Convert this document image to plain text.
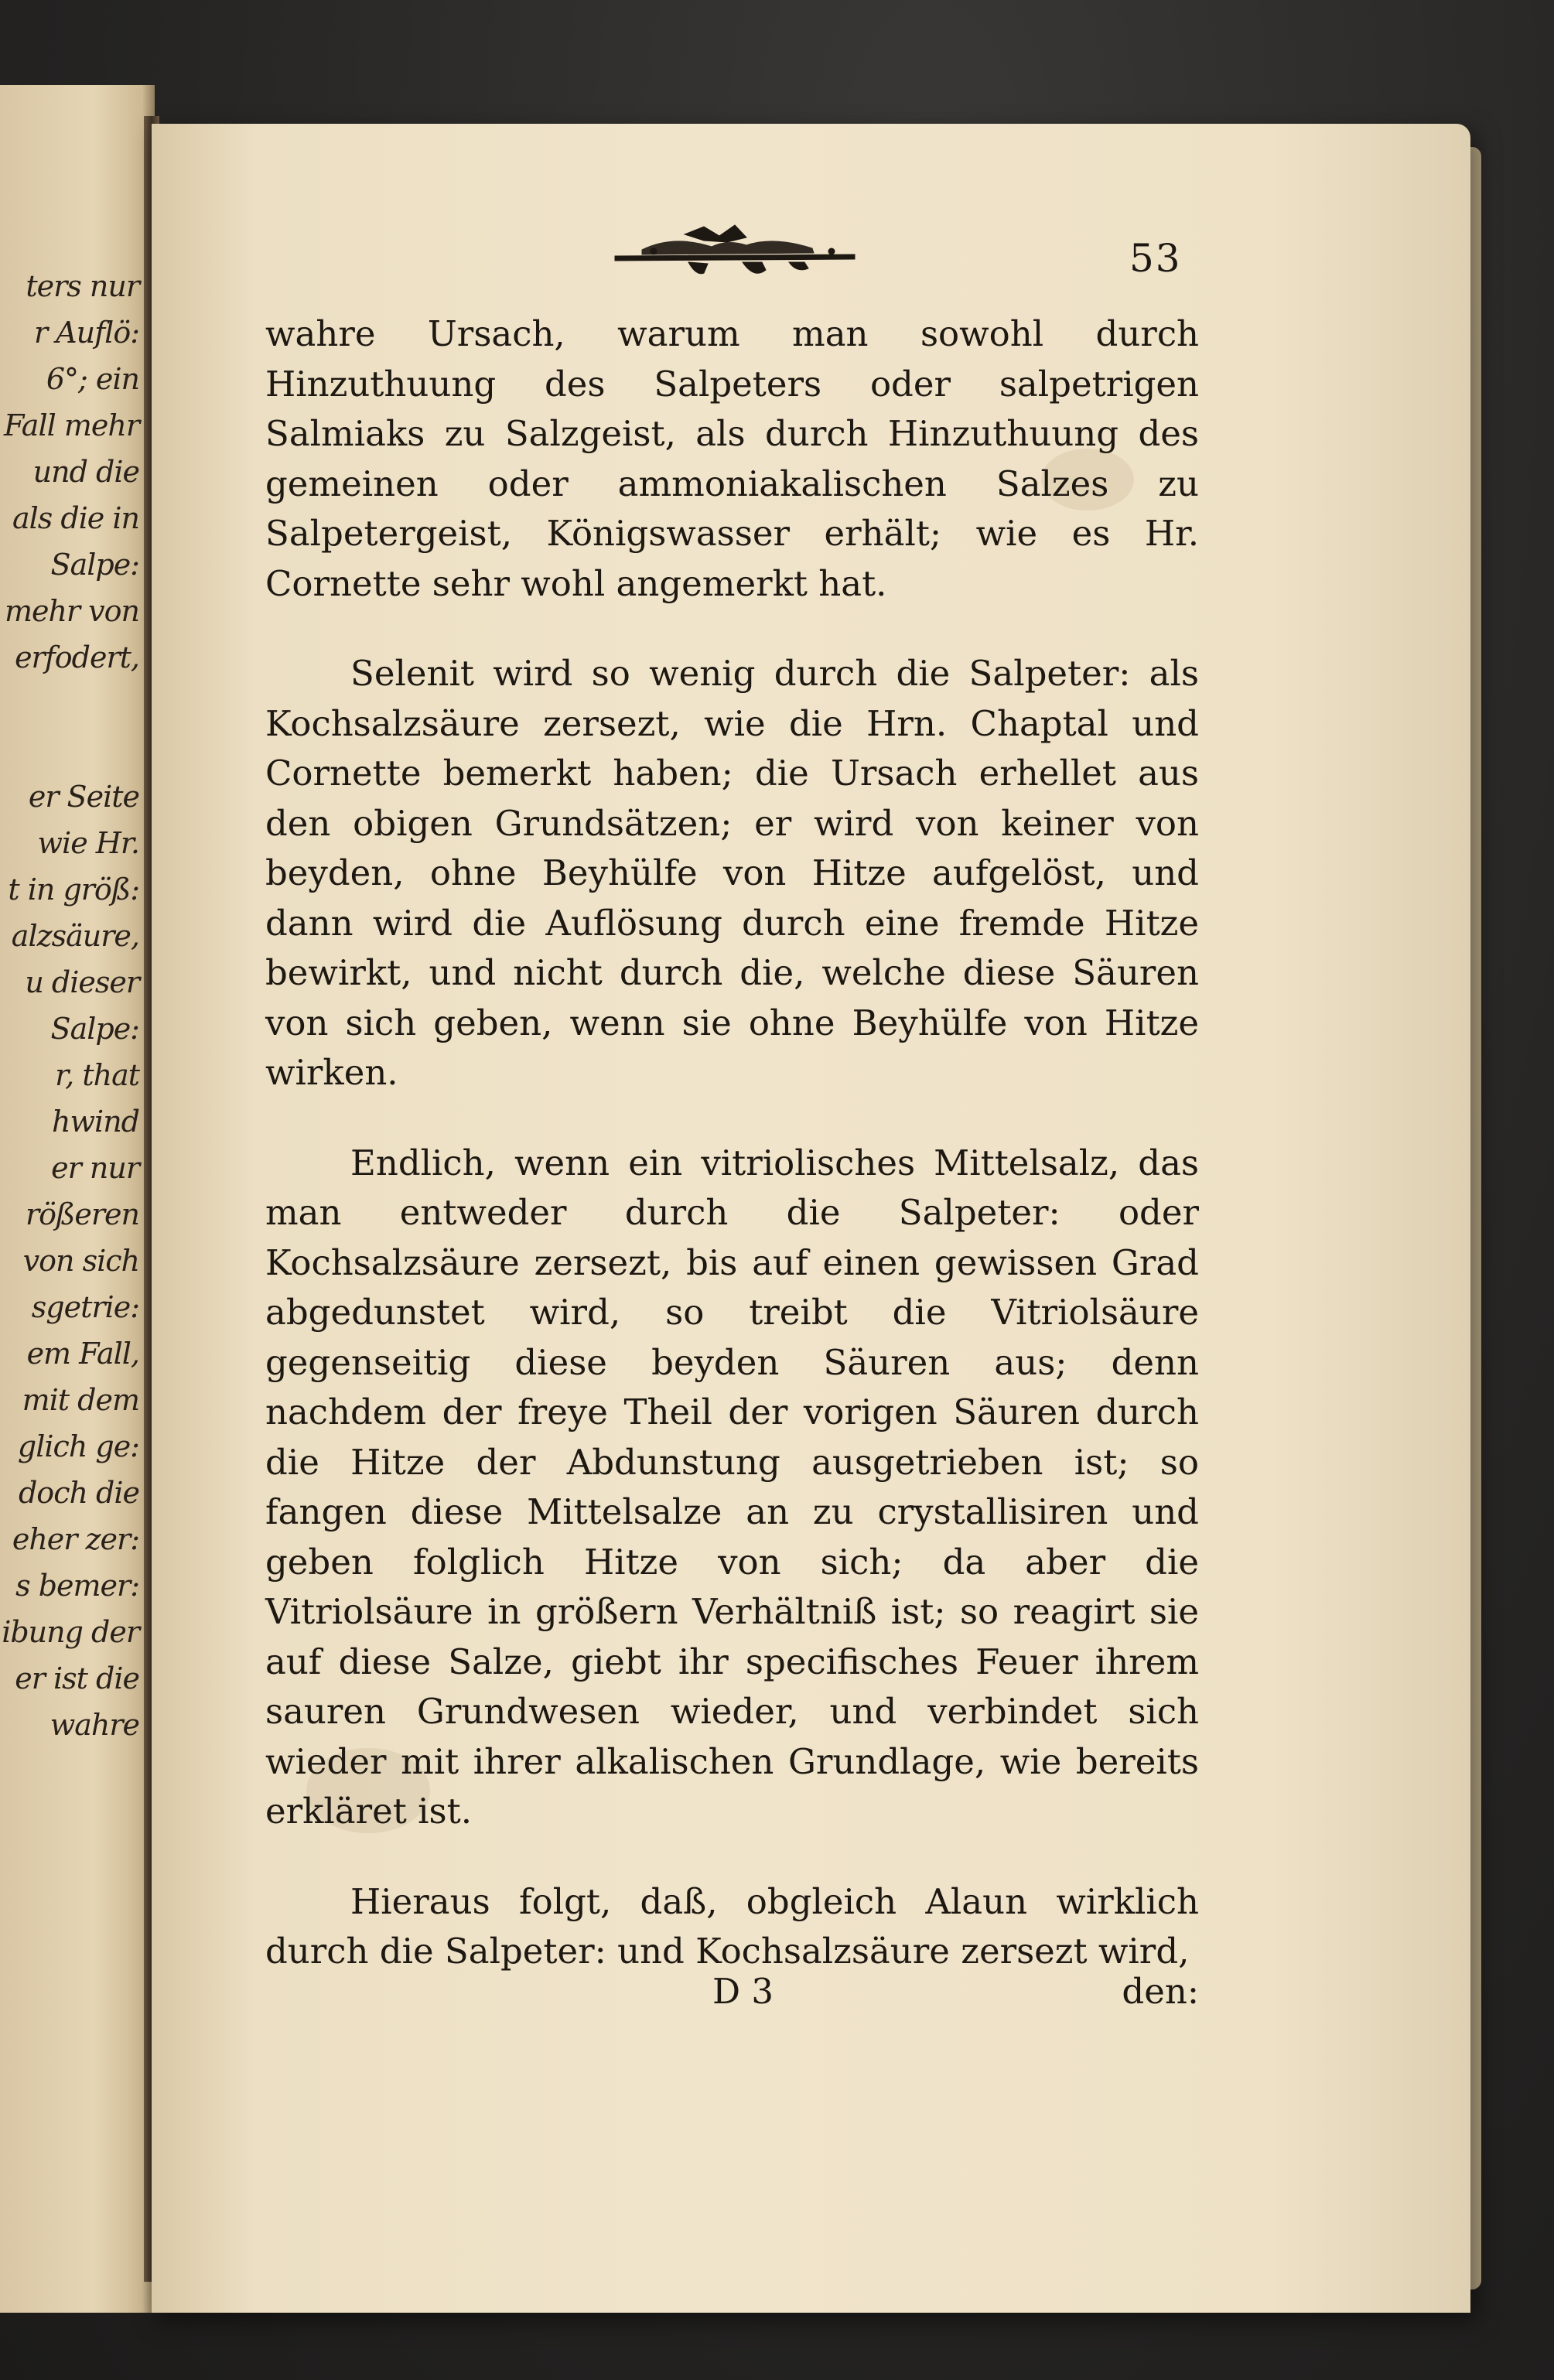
ters nur
r Auflö:
6°; ein
Fall mehr
und die
als die in
Salpe:
mehr von
erfodert,

er Seite
wie Hr.
t in größ:
alzsäure,
u dieser
Salpe:
r, that
hwind
er nur
rößeren
von sich
sgetrie:
em Fall,
mit dem
glich ge:
doch die
eher zer:
s bemer:
ibung der
er ist die
wahre
53

wahre Ursach, warum man sowohl durch Hinzuthuung des Salpeters oder salpetrigen Salmiaks zu Salzgeist, als durch Hinzuthuung des gemeinen oder ammoniakalischen Salzes zu Salpetergeist, Königswasser erhält; wie es Hr. Cornette sehr wohl angemerkt hat.

Selenit wird so wenig durch die Salpeter: als Kochsalzsäure zersezt, wie die Hrn. Chaptal und Cornette bemerkt haben; die Ursach erhellet aus den obigen Grundsätzen; er wird von keiner von beyden, ohne Beyhülfe von Hitze aufgelöst, und dann wird die Auflösung durch eine fremde Hitze bewirkt, und nicht durch die, welche diese Säuren von sich geben, wenn sie ohne Beyhülfe von Hitze wirken.

Endlich, wenn ein vitriolisches Mittelsalz, das man entweder durch die Salpeter: oder Kochsalzsäure zersezt, bis auf einen gewissen Grad abgedunstet wird, so treibt die Vitriolsäure gegenseitig diese beyden Säuren aus; denn nachdem der freye Theil der vorigen Säuren durch die Hitze der Abdunstung ausgetrieben ist; so fangen diese Mittelsalze an zu crystallisiren und geben folglich Hitze von sich; da aber die Vitriolsäure in größern Verhältniß ist; so reagirt sie auf diese Salze, giebt ihr specifisches Feuer ihrem sauren Grundwesen wieder, und verbindet sich wieder mit ihrer alkalischen Grundlage, wie bereits erkläret ist.

Hieraus folgt, daß, obgleich Alaun wirklich durch die Salpeter: und Kochsalzsäure zersezt wird,

D 3	den:
